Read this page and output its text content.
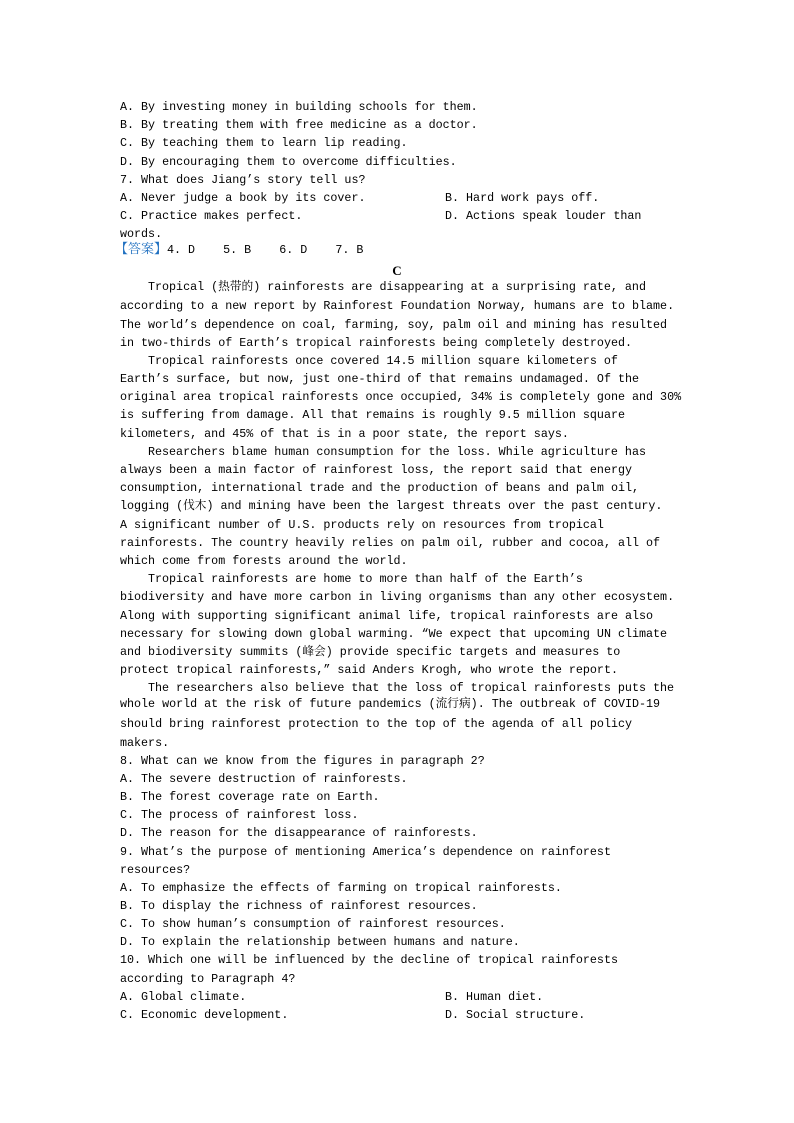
A. By investing money in building schools for them.
B. By treating them with free medicine as a doctor.
C. By teaching them to learn lip reading.
D. By encouraging them to overcome difficulties.
7. What does Jiang’s story tell us?
A. Never judge a book by its cover.	B. Hard work pays off.
C. Practice makes perfect.	D. Actions speak louder than
words.
【答案】4. D    5. B    6. D    7. B
C
Tropical (热带的) rainforests are disappearing at a surprising rate, and
according to a new report by Rainforest Foundation Norway, humans are to blame.
The world’s dependence on coal, farming, soy, palm oil and mining has resulted
in two-thirds of Earth’s tropical rainforests being completely destroyed.
Tropical rainforests once covered 14.5 million square kilometers of
Earth’s surface, but now, just one-third of that remains undamaged. Of the
original area tropical rainforests once occupied, 34% is completely gone and 30%
is suffering from damage. All that remains is roughly 9.5 million square
kilometers, and 45% of that is in a poor state, the report says.
Researchers blame human consumption for the loss. While agriculture has
always been a main factor of rainforest loss, the report said that energy
consumption, international trade and the production of beans and palm oil,
logging (伐木) and mining have been the largest threats over the past century.
A significant number of U.S. products rely on resources from tropical
rainforests. The country heavily relies on palm oil, rubber and cocoa, all of
which come from forests around the world.
Tropical rainforests are home to more than half of the Earth’s
biodiversity and have more carbon in living organisms than any other ecosystem.
Along with supporting significant animal life, tropical rainforests are also
necessary for slowing down global warming. “We expect that upcoming UN climate
and biodiversity summits (峰会) provide specific targets and measures to
protect tropical rainforests,” said Anders Krogh, who wrote the report.
The researchers also believe that the loss of tropical rainforests puts the
whole world at the risk of future pandemics (流行病). The outbreak of COVID-19
should bring rainforest protection to the top of the agenda of all policy
makers.
8. What can we know from the figures in paragraph 2?
A. The severe destruction of rainforests.
B. The forest coverage rate on Earth.
C. The process of rainforest loss.
D. The reason for the disappearance of rainforests.
9. What’s the purpose of mentioning America’s dependence on rainforest
resources?
A. To emphasize the effects of farming on tropical rainforests.
B. To display the richness of rainforest resources.
C. To show human’s consumption of rainforest resources.
D. To explain the relationship between humans and nature.
10. Which one will be influenced by the decline of tropical rainforests
according to Paragraph 4?
A. Global climate.	B. Human diet.
C. Economic development.	D. Social structure.
